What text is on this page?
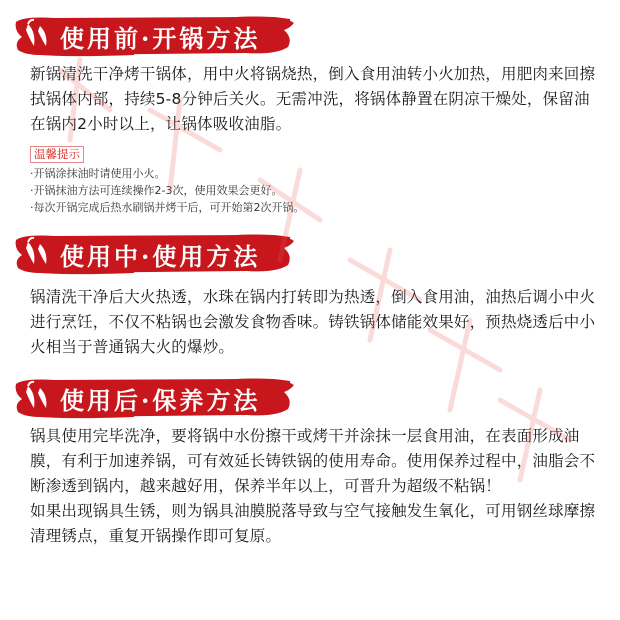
使用前·开锅方法

新锅清洗干净烤干锅体，用中火将锅烧热，倒入食用油转小火加热，用肥肉来回擦拭锅体内部，持续5-8分钟后关火。无需冲洗，将锅体静置在阴凉干燥处，保留油在锅内2小时以上，让锅体吸收油脂。

温馨提示
·开锅涂抹油时请使用小火。
·开锅抹油方法可连续操作2-3次，使用效果会更好。
·每次开锅完成后热水刷锅并烤干后，可开始第2次开锅。
使用中·使用方法

锅清洗干净后大火热透，水珠在锅内打转即为热透，倒入食用油，油热后调小中火进行烹饪，不仅不粘锅也会激发食物香味。铸铁锅体储能效果好，预热烧透后中小火相当于普通锅大火的爆炒。

使用后·保养方法

锅具使用完毕洗净，要将锅中水份擦干或烤干并涂抹一层食用油，在表面形成油膜，有利于加速养锅，可有效延长铸铁锅的使用寿命。使用保养过程中，油脂会不断渗透到锅内，越来越好用，保养半年以上，可晋升为超级不粘锅！

如果出现锅具生锈，则为锅具油膜脱落导致与空气接触发生氧化，可用钢丝球摩擦清理锈点，重复开锅操作即可复原。
